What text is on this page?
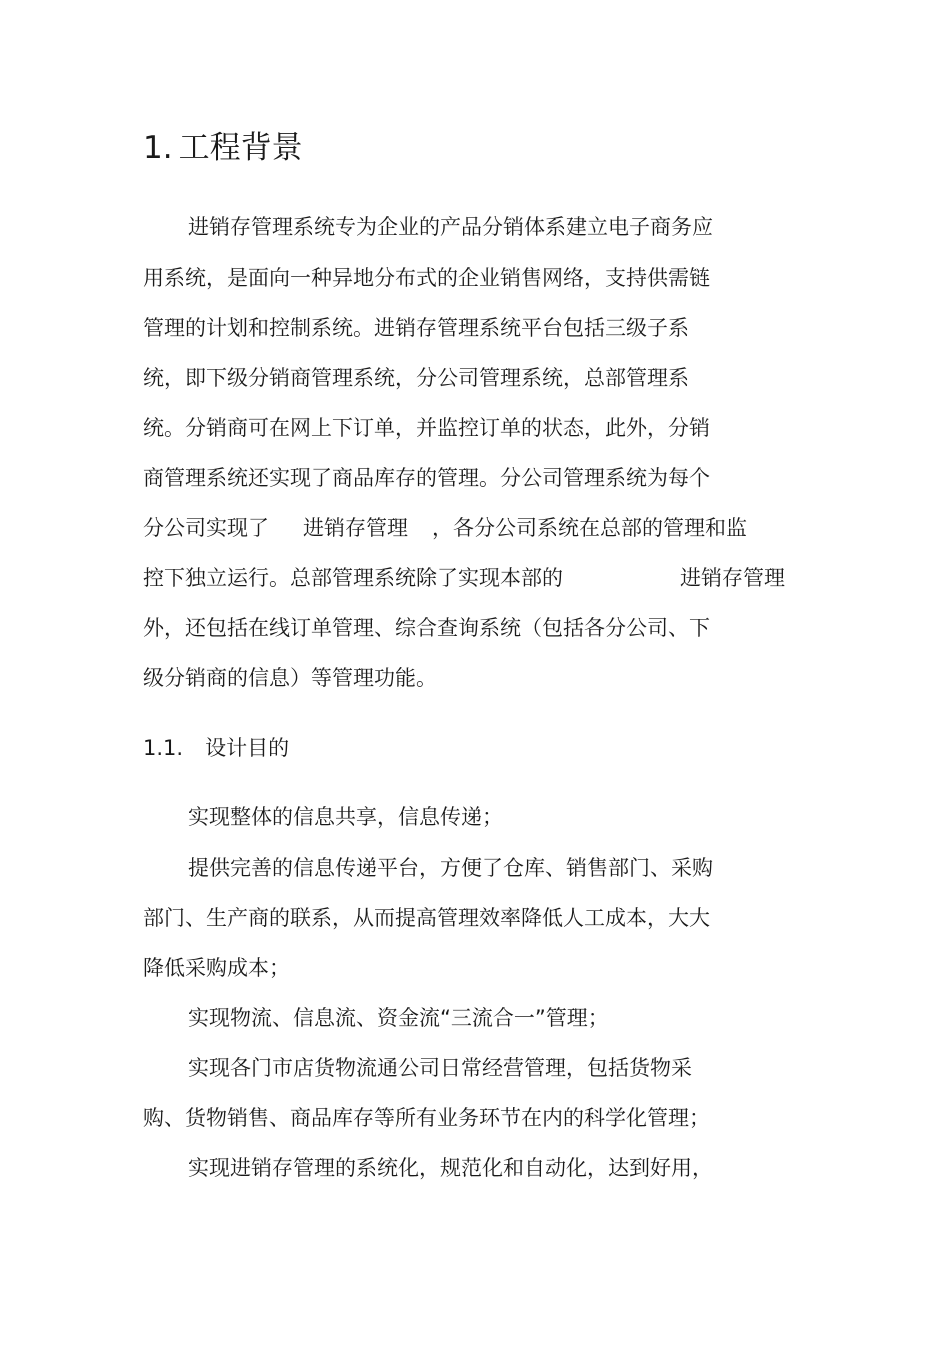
1. 工程背景

进销存管理系统专为企业的产品分销体系建立电子商务应

用系统，是面向一种异地分布式的企业销售网络，支持供需链

管理的计划和控制系统。进销存管理系统平台包括三级子系

统，即下级分销商管理系统，分公司管理系统，总部管理系

统。分销商可在网上下订单，并监控订单的状态，此外，分销

商管理系统还实现了商品库存的管理。分公司管理系统为每个

分公司实现了 进销存管理 ，各分公司系统在总部的管理和监

控下独立运行。总部管理系统除了实现本部的	进销存管理

外，还包括在线订单管理、综合查询系统（包括各分公司、下

级分销商的信息）等管理功能。

1.1. 设计目的

实现整体的信息共享，信息传递；

提供完善的信息传递平台，方便了仓库、销售部门、采购

部门、生产商的联系，从而提高管理效率降低人工成本，大大

降低采购成本；

实现物流、信息流、资金流“三流合一”管理；

实现各门市店货物流通公司日常经营管理，包括货物采

购、货物销售、商品库存等所有业务环节在内的科学化管理；

实现进销存管理的系统化，规范化和自动化，达到好用，
